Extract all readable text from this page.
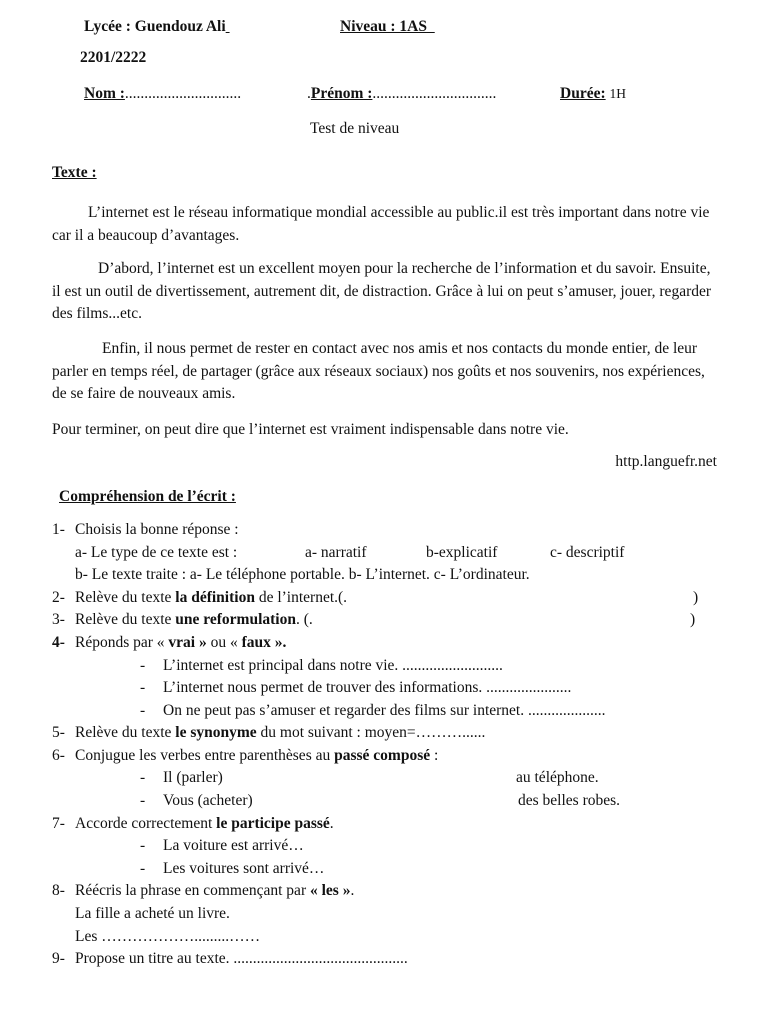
Lycée : Guendouz Ali	Niveau : 1AS
2201/2222
Nom :..............................	.Prénom :................................	Durée: 1H
Test de niveau
Texte :
L’internet est le réseau informatique mondial accessible au public.il est très important dans notre vie car il a beaucoup d’avantages.
D’abord, l’internet est un excellent moyen pour la recherche de l’information et du savoir. Ensuite, il est un outil de divertissement, autrement dit, de distraction. Grâce à lui on peut s’amuser, jouer, regarder des films...etc.
Enfin, il nous permet de rester en contact avec nos amis et nos contacts du monde entier, de leur parler en temps réel, de partager (grâce aux réseaux sociaux) nos goûts et nos souvenirs, nos expériences, de se faire de nouveaux amis.
Pour terminer, on peut dire que l’internet est vraiment indispensable dans notre vie.
http.languefr.net
Compréhension de l’écrit :
1- Choisis la bonne réponse :
a- Le type de ce texte est :	a- narratif	b-explicatif	c- descriptif
b- Le texte traite : a- Le téléphone portable. b- L’internet. c- L’ordinateur.
2- Relève du texte la définition de l’internet.(.	)
3- Relève du texte une reformulation. (.	)
4- Réponds par « vrai » ou « faux ».
- L’internet est principal dans notre vie. ..........................
- L’internet nous permet de trouver des informations. ......................
- On ne peut pas s’amuser et regarder des films sur internet. ....................
5- Relève du texte le synonyme du mot suivant : moyen=………......
6- Conjugue les verbes entre parenthèses au passé composé :
- Il (parler)	au téléphone.
- Vous (acheter)	des belles robes.
7- Accorde correctement le participe passé.
- La voiture est arrivé…
- Les voitures sont arrivé…
8- Réécris la phrase en commençant par « les ».
La fille a acheté un livre.
Les ……………….........……
9- Propose un titre au texte. .............................................
